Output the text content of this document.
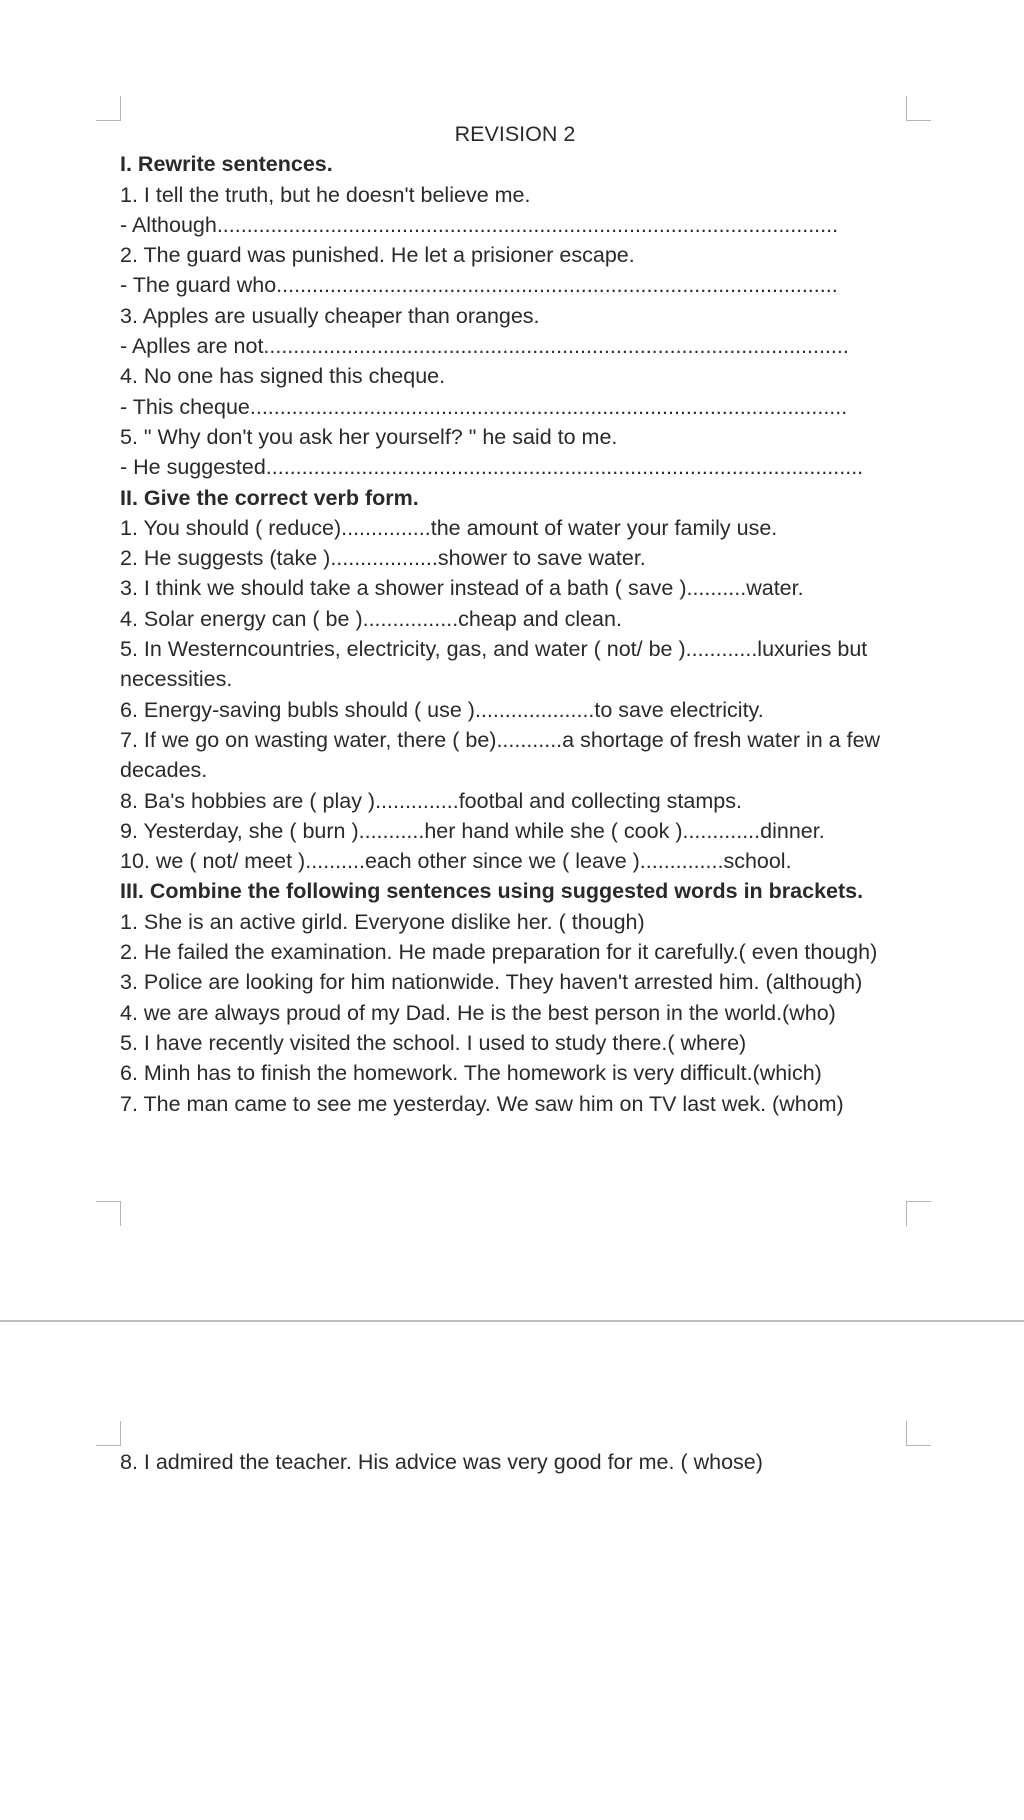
REVISION 2

I. Rewrite sentences.

1. I tell the truth, but he doesn't believe me.

- Although........................................................................................................

2. The guard was punished. He let a prisioner escape.

- The guard who..............................................................................................

3. Apples are usually cheaper than oranges.

- Aplles are not..................................................................................................

4. No one has signed this cheque.

- This cheque....................................................................................................

5. " Why don't you ask her yourself? " he said to me.

- He suggested....................................................................................................

II. Give the correct verb form.

1. You should ( reduce)...............the amount of water your family use.

2. He suggests (take )..................shower to save water.

3. I think we should take a shower instead of a bath ( save )..........water.

4. Solar energy can ( be )................cheap and clean.

5. In Westerncountries, electricity, gas, and water ( not/ be )............luxuries but necessities.

6. Energy-saving bubls should ( use )....................to save electricity.

7. If we go on wasting water, there ( be)...........a shortage of fresh water in a few decades.

8. Ba's hobbies are ( play )..............footbal and collecting stamps.

9. Yesterday, she ( burn )...........her hand while she ( cook ).............dinner.

10. we ( not/ meet )..........each other since we ( leave )..............school.

III. Combine the following sentences using suggested words in brackets.

1. She is an active girld. Everyone dislike her. ( though)

2. He failed the examination. He made preparation for it carefully.( even though)

3. Police are looking for him nationwide. They haven't arrested him. (although)

4. we are always proud of my Dad. He is the best person in the world.(who)

5. I have recently visited the school. I used to study there.( where)

6. Minh has to finish the homework. The homework is very difficult.(which)

7. The man came to see me yesterday. We saw him on TV last wek. (whom)

8. I admired the teacher. His advice was very good for me. ( whose)
